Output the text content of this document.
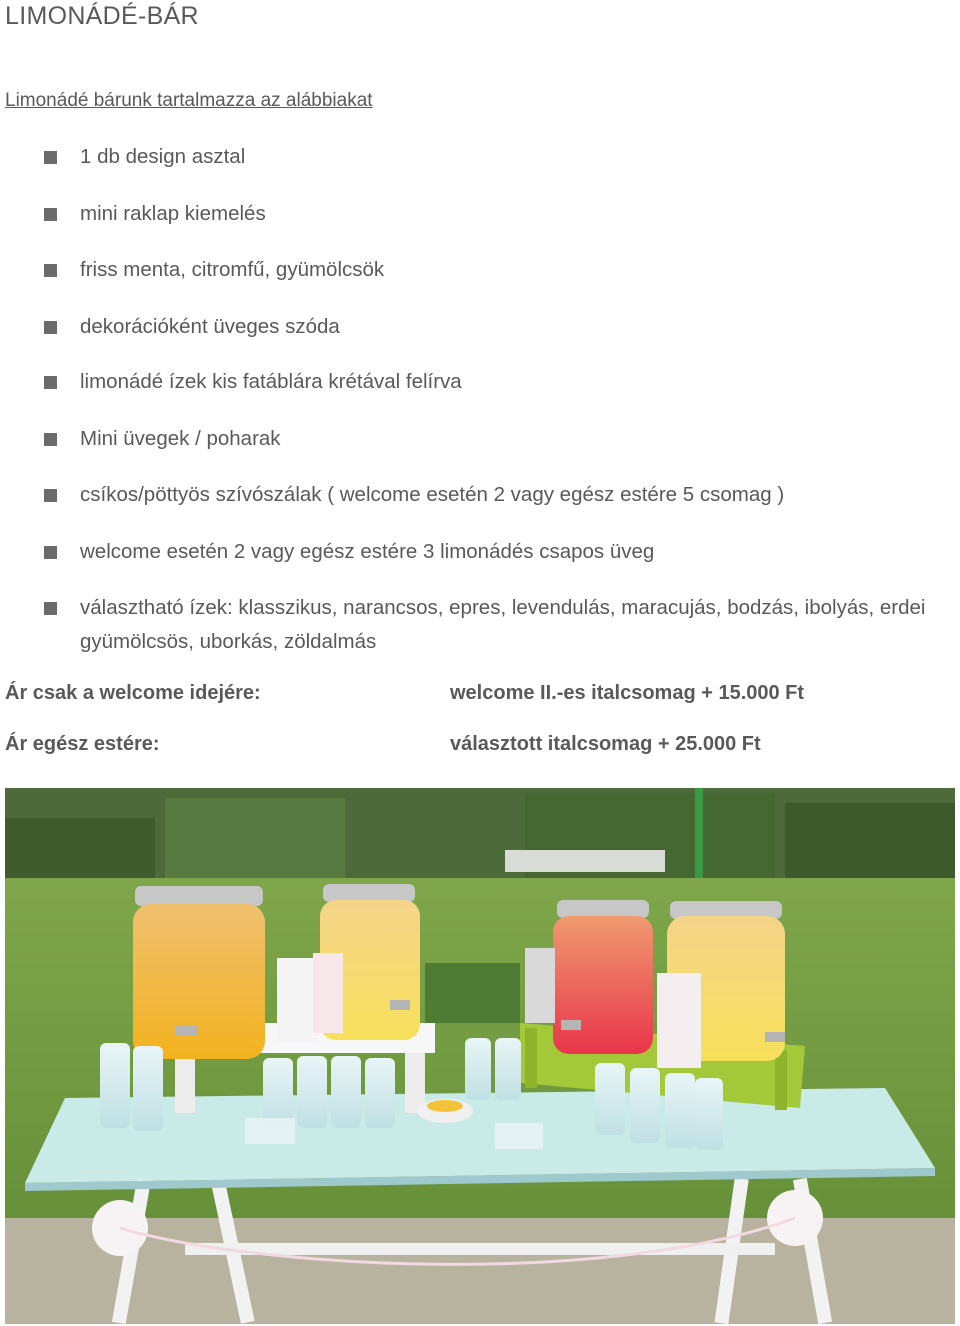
LIMONÁDÉ-BÁR
Limonádé bárunk tartalmazza az alábbiakat
1 db design asztal
mini raklap kiemelés
friss menta, citromfű, gyümölcsök
dekorációként üveges szóda
limonádé ízek kis fatáblára krétával felírva
Mini üvegek / poharak
csíkos/pöttyös szívószálak ( welcome esetén 2 vagy egész estére 5 csomag )
welcome esetén 2 vagy egész estére 3 limonádés csapos üveg
választható ízek: klasszikus, narancsos, epres, levendulás, maracujás, bodzás, ibolyás, erdei gyümölcsös, uborkás, zöldalmás
Ár csak a welcome idejére:	welcome II.-es italcsomag + 15.000 Ft
Ár egész estére:	választott italcsomag + 25.000 Ft
